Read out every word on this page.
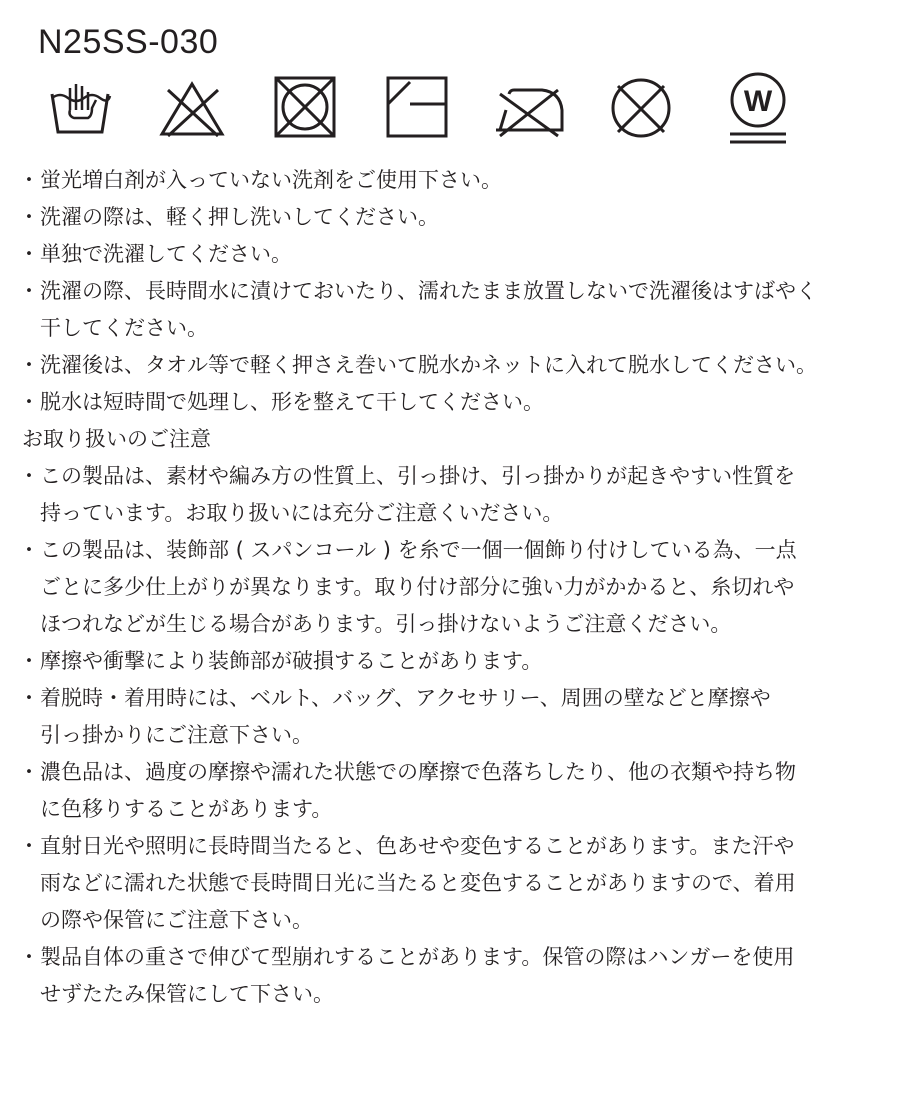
N25SS-030
W
・ 蛍光増白剤が入っていない洗剤をご使用下さい。
・ 洗濯の際は、軽く押し洗いしてください。
・ 単独で洗濯してください。
・ 洗濯の際、長時間水に漬けておいたり、濡れたまま放置しないで洗濯後はすばやく
干してください。
・ 洗濯後は、タオル等で軽く押さえ巻いて脱水かネットに入れて脱水してください。
・ 脱水は短時間で処理し、形を整えて干してください。
お取り扱いのご注意
・ この製品は、素材や編み方の性質上、引っ掛け、引っ掛かりが起きやすい性質を
持っています。お取り扱いには充分ご注意くいださい。
・ この製品は、装飾部 ( スパンコール ) を糸で一個一個飾り付けしている為、一点
ごとに多少仕上がりが異なります。取り付け部分に強い力がかかると、糸切れや
ほつれなどが生じる場合があります。引っ掛けないようご注意ください。
・ 摩擦や衝撃により装飾部が破損することがあります。
・ 着脱時・着用時には、ベルト、バッグ、アクセサリー、周囲の壁などと摩擦や
引っ掛かりにご注意下さい。
・ 濃色品は、過度の摩擦や濡れた状態での摩擦で色落ちしたり、他の衣類や持ち物
に色移りすることがあります。
・ 直射日光や照明に長時間当たると、色あせや変色することがあります。また汗や
雨などに濡れた状態で長時間日光に当たると変色することがありますので、着用
の際や保管にご注意下さい。
・ 製品自体の重さで伸びて型崩れすることがあります。保管の際はハンガーを使用
せずたたみ保管にして下さい。
